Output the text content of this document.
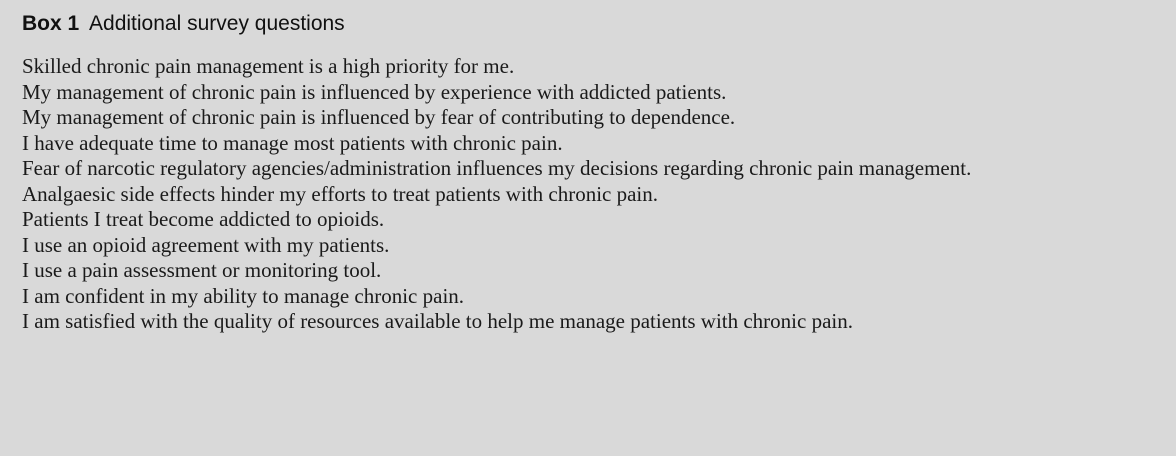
Box 1 Additional survey questions
Skilled chronic pain management is a high priority for me.
My management of chronic pain is influenced by experience with addicted patients.
My management of chronic pain is influenced by fear of contributing to dependence.
I have adequate time to manage most patients with chronic pain.
Fear of narcotic regulatory agencies/administration influences my decisions regarding chronic pain management.
Analgaesic side effects hinder my efforts to treat patients with chronic pain.
Patients I treat become addicted to opioids.
I use an opioid agreement with my patients.
I use a pain assessment or monitoring tool.
I am confident in my ability to manage chronic pain.
I am satisfied with the quality of resources available to help me manage patients with chronic pain.
